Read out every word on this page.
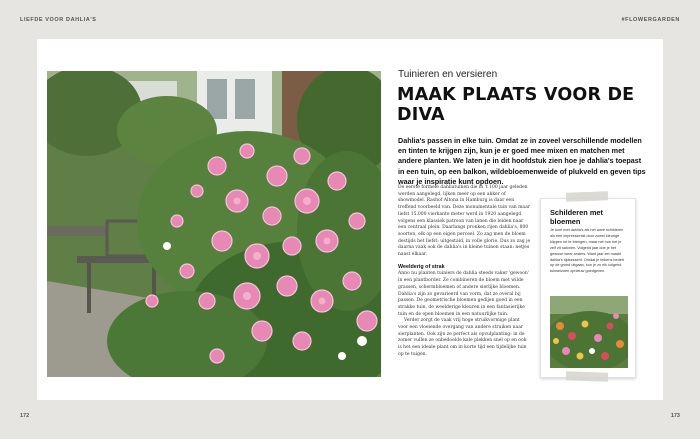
LIEFDE VOOR DAHLIA'S	#FLOWERGARDEN
Tuinieren en versieren
MAAK PLAATS VOOR DE DIVA

Dahlia's passen in elke tuin. Omdat ze in zoveel verschillende modellen en tinten te krijgen zijn, kun je er goed mee mixen en matchen met andere planten. We laten je in dit hoofdstuk zien hoe je dahlia's toepast in een tuin, op een balkon, wildebloemenweide of plukveld en geven tips waar je inspiratie kunt opdoen.

De eerste formele dahliatuinen die in 't 100 jaar geleden werden aangelegd, lijken meer op een akker of showmodel. Rashof Altona in Hamburg is daar een treffend voorbeeld van. Deze monumentale tuin van maar liefst 15.000 vierkante meter werd in 1920 aangelegd volgens een klassiek patroon van lanen die leiden naar een centraal plein. Daarlangs pronken rijen dahlia's, 800 soorten, elk op een eigen perceel. Zo zag men de bloem destijds het liefst: uitgestald, in volle glorie. Dus zo zag je daarna vaak ook de dahlia's in kleine tuinen staan: netjes naast elkaar.

Weelderig of strak

Anno nu planten tuiniers de dahlia steeds vaker 'gewoon' in een plantborder. Ze combineren de bloem met wilde grassen, schermbloemen of andere sierlijke bloemen. Dahlia's zijn zo gevarieerd van vorm, dat ze overal bij passen. De geometrische bloemen gedijen goed in een strakke tuin, de weelderige kleuren in een fantasierijke tuin en de open bloemen in een natuurlijke tuin.

Verder zorgt de vaak vrij hoge struikvormige plant voor een vloeiende overgang van andere struiken naar sierplanten. Ook zijn ze perfect als opvulplanting: in de zomer vullen ze onbedoelde kale plekken snel op en ook is het een ideale plant om in korte tijd een tijdelijke tuin op te tuigen.

Schilderen met bloemen
Je kunt met dahlia's als het ware schilderen als een impressionist door zowel kleurige klippen tot te brengen, maar net hoe het je zelf zit salonen. Volgend jaar doe je het gewoon weer anders. Want jaar zet maakt dahlia's tijdsessent. Omdat je telkens bedelt op de grond uitgaan, kun je zo elk volgend tuinseizoen opnieuw goedgeven.
172	173
